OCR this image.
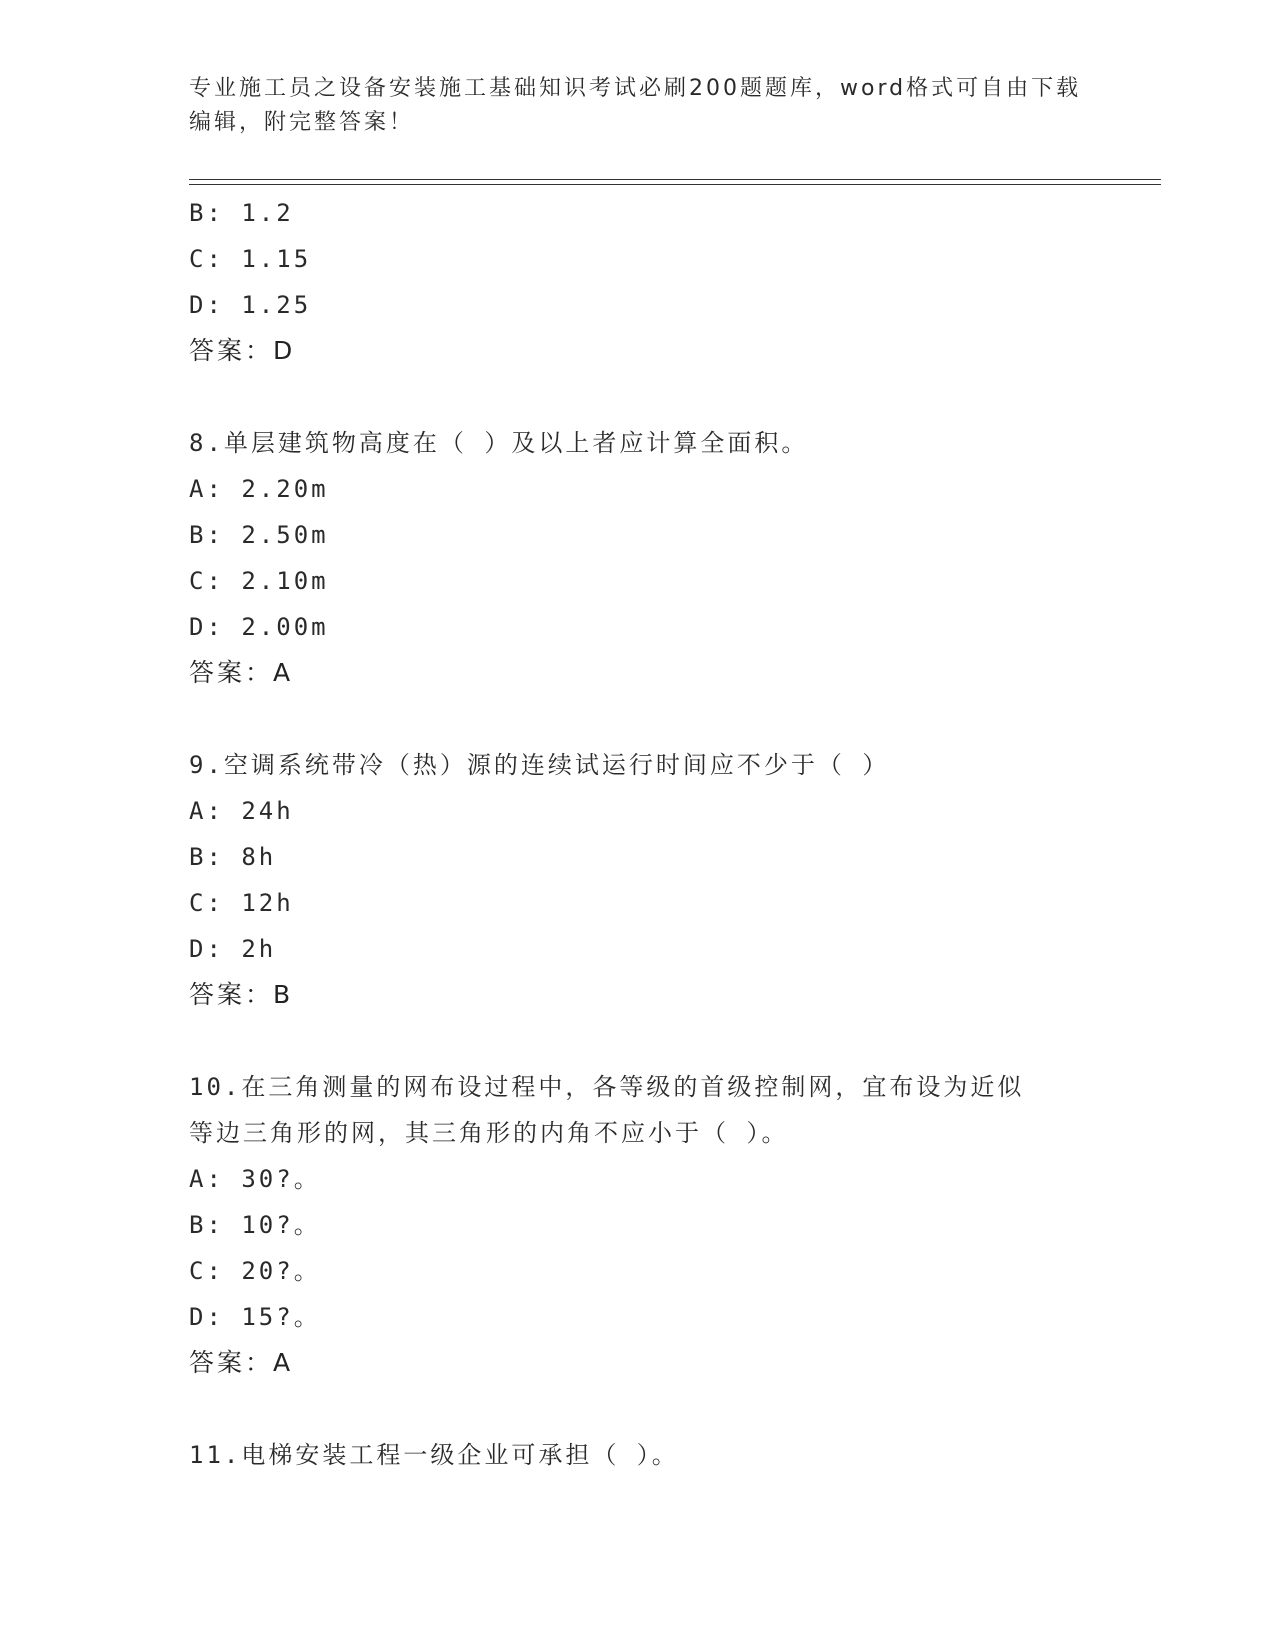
专业施工员之设备安装施工基础知识考试必刷200题题库，word格式可自由下载
编辑，附完整答案！
B: 1.2
C: 1.15
D: 1.25
答案：D
8.单层建筑物高度在（ ）及以上者应计算全面积。
A: 2.20m
B: 2.50m
C: 2.10m
D: 2.00m
答案：A
9.空调系统带冷（热）源的连续试运行时间应不少于（ ）
A: 24h
B: 8h
C: 12h
D: 2h
答案：B
10.在三角测量的网布设过程中，各等级的首级控制网，宜布设为近似
等边三角形的网，其三角形的内角不应小于（ ）。
A: 30?。
B: 10?。
C: 20?。
D: 15?。
答案：A
11.电梯安装工程一级企业可承担（ ）。
